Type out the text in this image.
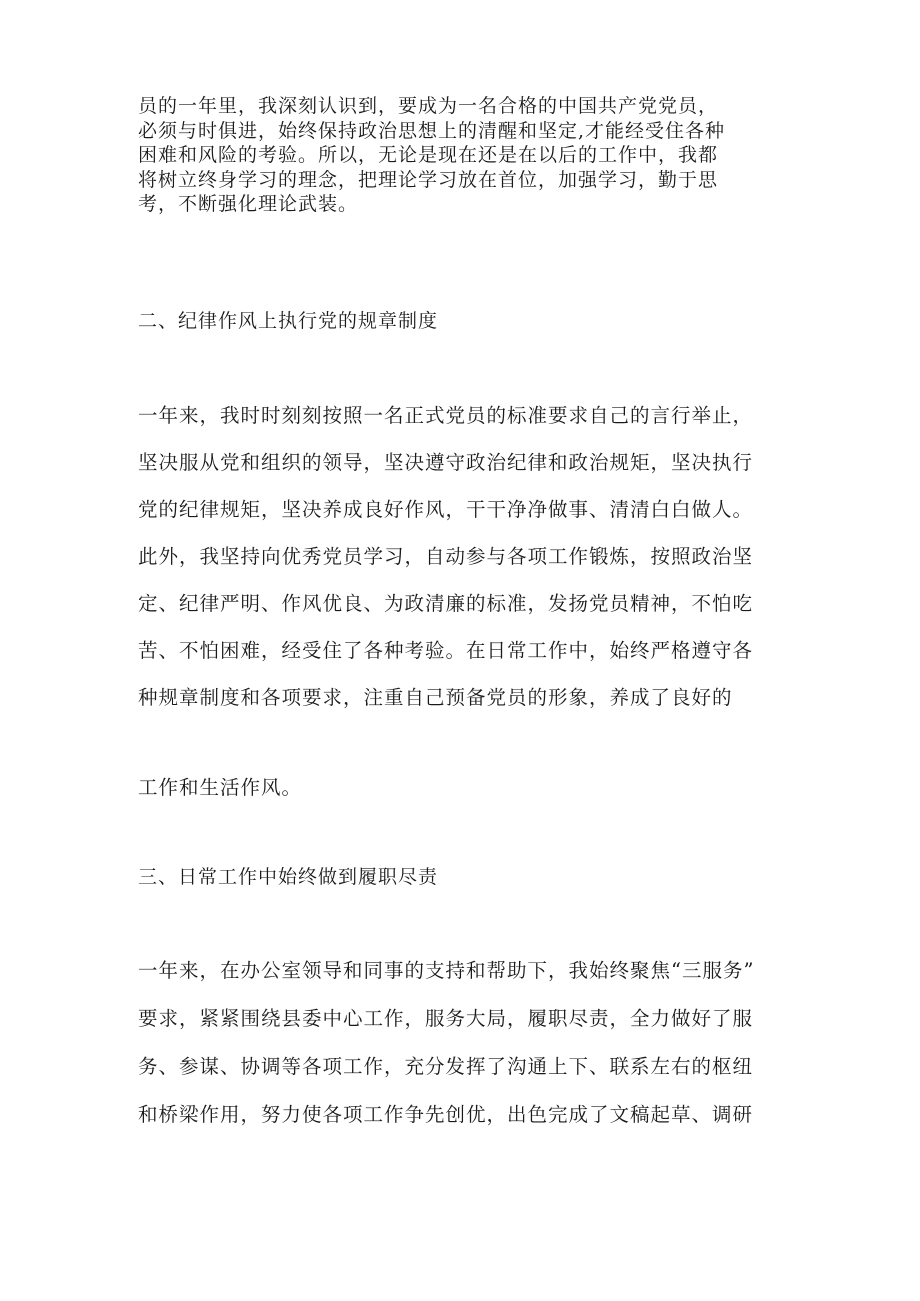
员的一年里，我深刻认识到，要成为一名合格的中国共产党党员，
必须与时俱进，始终保持政治思想上的清醒和坚定,才能经受住各种
困难和风险的考验。所以，无论是现在还是在以后的工作中，我都
将树立终身学习的理念，把理论学习放在首位，加强学习，勤于思
考，不断强化理论武装。
二、纪律作风上执行党的规章制度
一年来，我时时刻刻按照一名正式党员的标准要求自己的言行举止，
坚决服从党和组织的领导，坚决遵守政治纪律和政治规矩，坚决执行
党的纪律规矩，坚决养成良好作风，干干净净做事、清清白白做人。
此外，我坚持向优秀党员学习，自动参与各项工作锻炼，按照政治坚
定、纪律严明、作风优良、为政清廉的标准，发扬党员精神，不怕吃
苦、不怕困难，经受住了各种考验。在日常工作中，始终严格遵守各
种规章制度和各项要求，注重自己预备党员的形象，养成了良好的
工作和生活作风。
三、日常工作中始终做到履职尽责
一年来，在办公室领导和同事的支持和帮助下，我始终聚焦“三服务”
要求，紧紧围绕县委中心工作，服务大局，履职尽责，全力做好了服
务、参谋、协调等各项工作，充分发挥了沟通上下、联系左右的枢纽
和桥梁作用，努力使各项工作争先创优，出色完成了文稿起草、调研
